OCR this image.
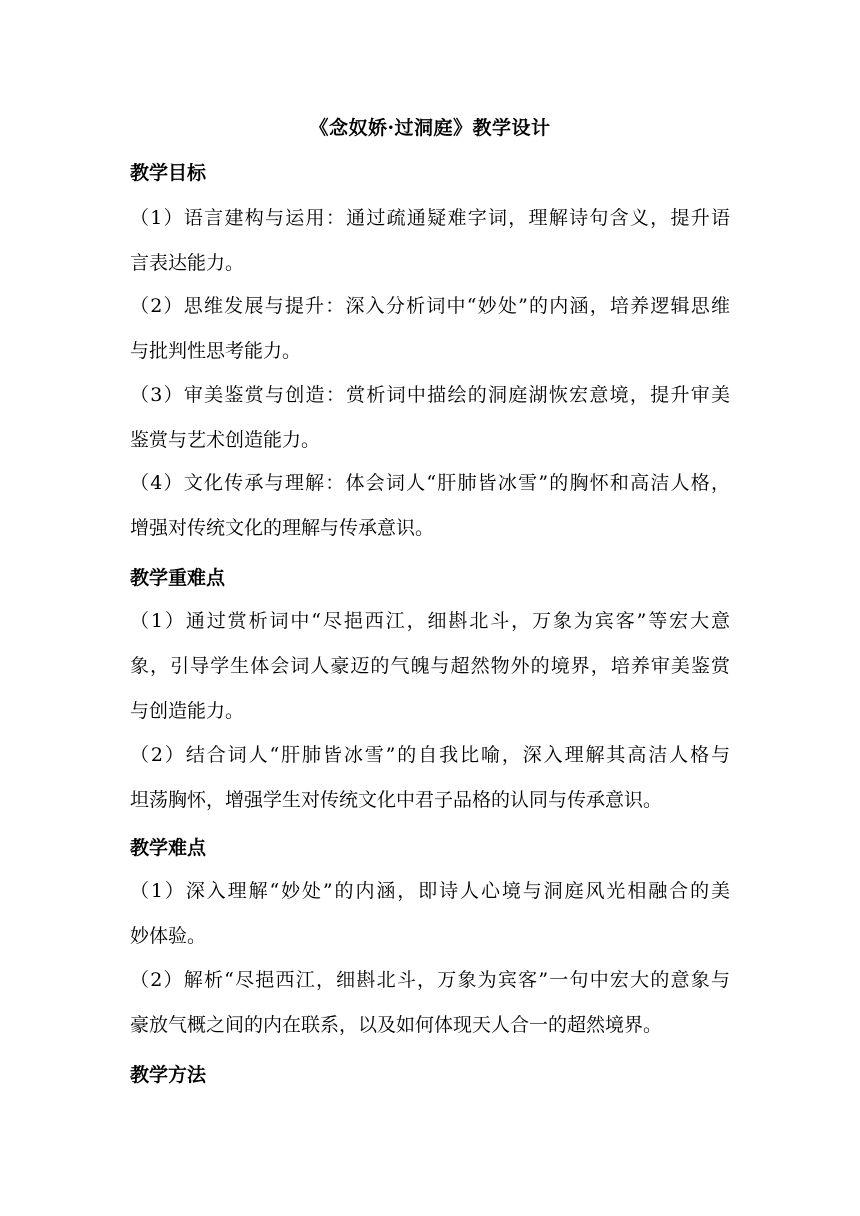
《念奴娇·过洞庭》教学设计
教学目标
（1）语言建构与运用：通过疏通疑难字词，理解诗句含义，提升语
言表达能力。
（2）思维发展与提升：深入分析词中“妙处”的内涵，培养逻辑思维
与批判性思考能力。
（3）审美鉴赏与创造：赏析词中描绘的洞庭湖恢宏意境，提升审美
鉴赏与艺术创造能力。
（4）文化传承与理解：体会词人“肝肺皆冰雪”的胸怀和高洁人格，
增强对传统文化的理解与传承意识。
教学重难点
（1）通过赏析词中“尽挹西江，细斟北斗，万象为宾客”等宏大意
象，引导学生体会词人豪迈的气魄与超然物外的境界，培养审美鉴赏
与创造能力。
（2）结合词人“肝肺皆冰雪”的自我比喻，深入理解其高洁人格与
坦荡胸怀，增强学生对传统文化中君子品格的认同与传承意识。
教学难点
（1）深入理解“妙处”的内涵，即诗人心境与洞庭风光相融合的美
妙体验。
（2）解析“尽挹西江，细斟北斗，万象为宾客”一句中宏大的意象与
豪放气概之间的内在联系，以及如何体现天人合一的超然境界。
教学方法
